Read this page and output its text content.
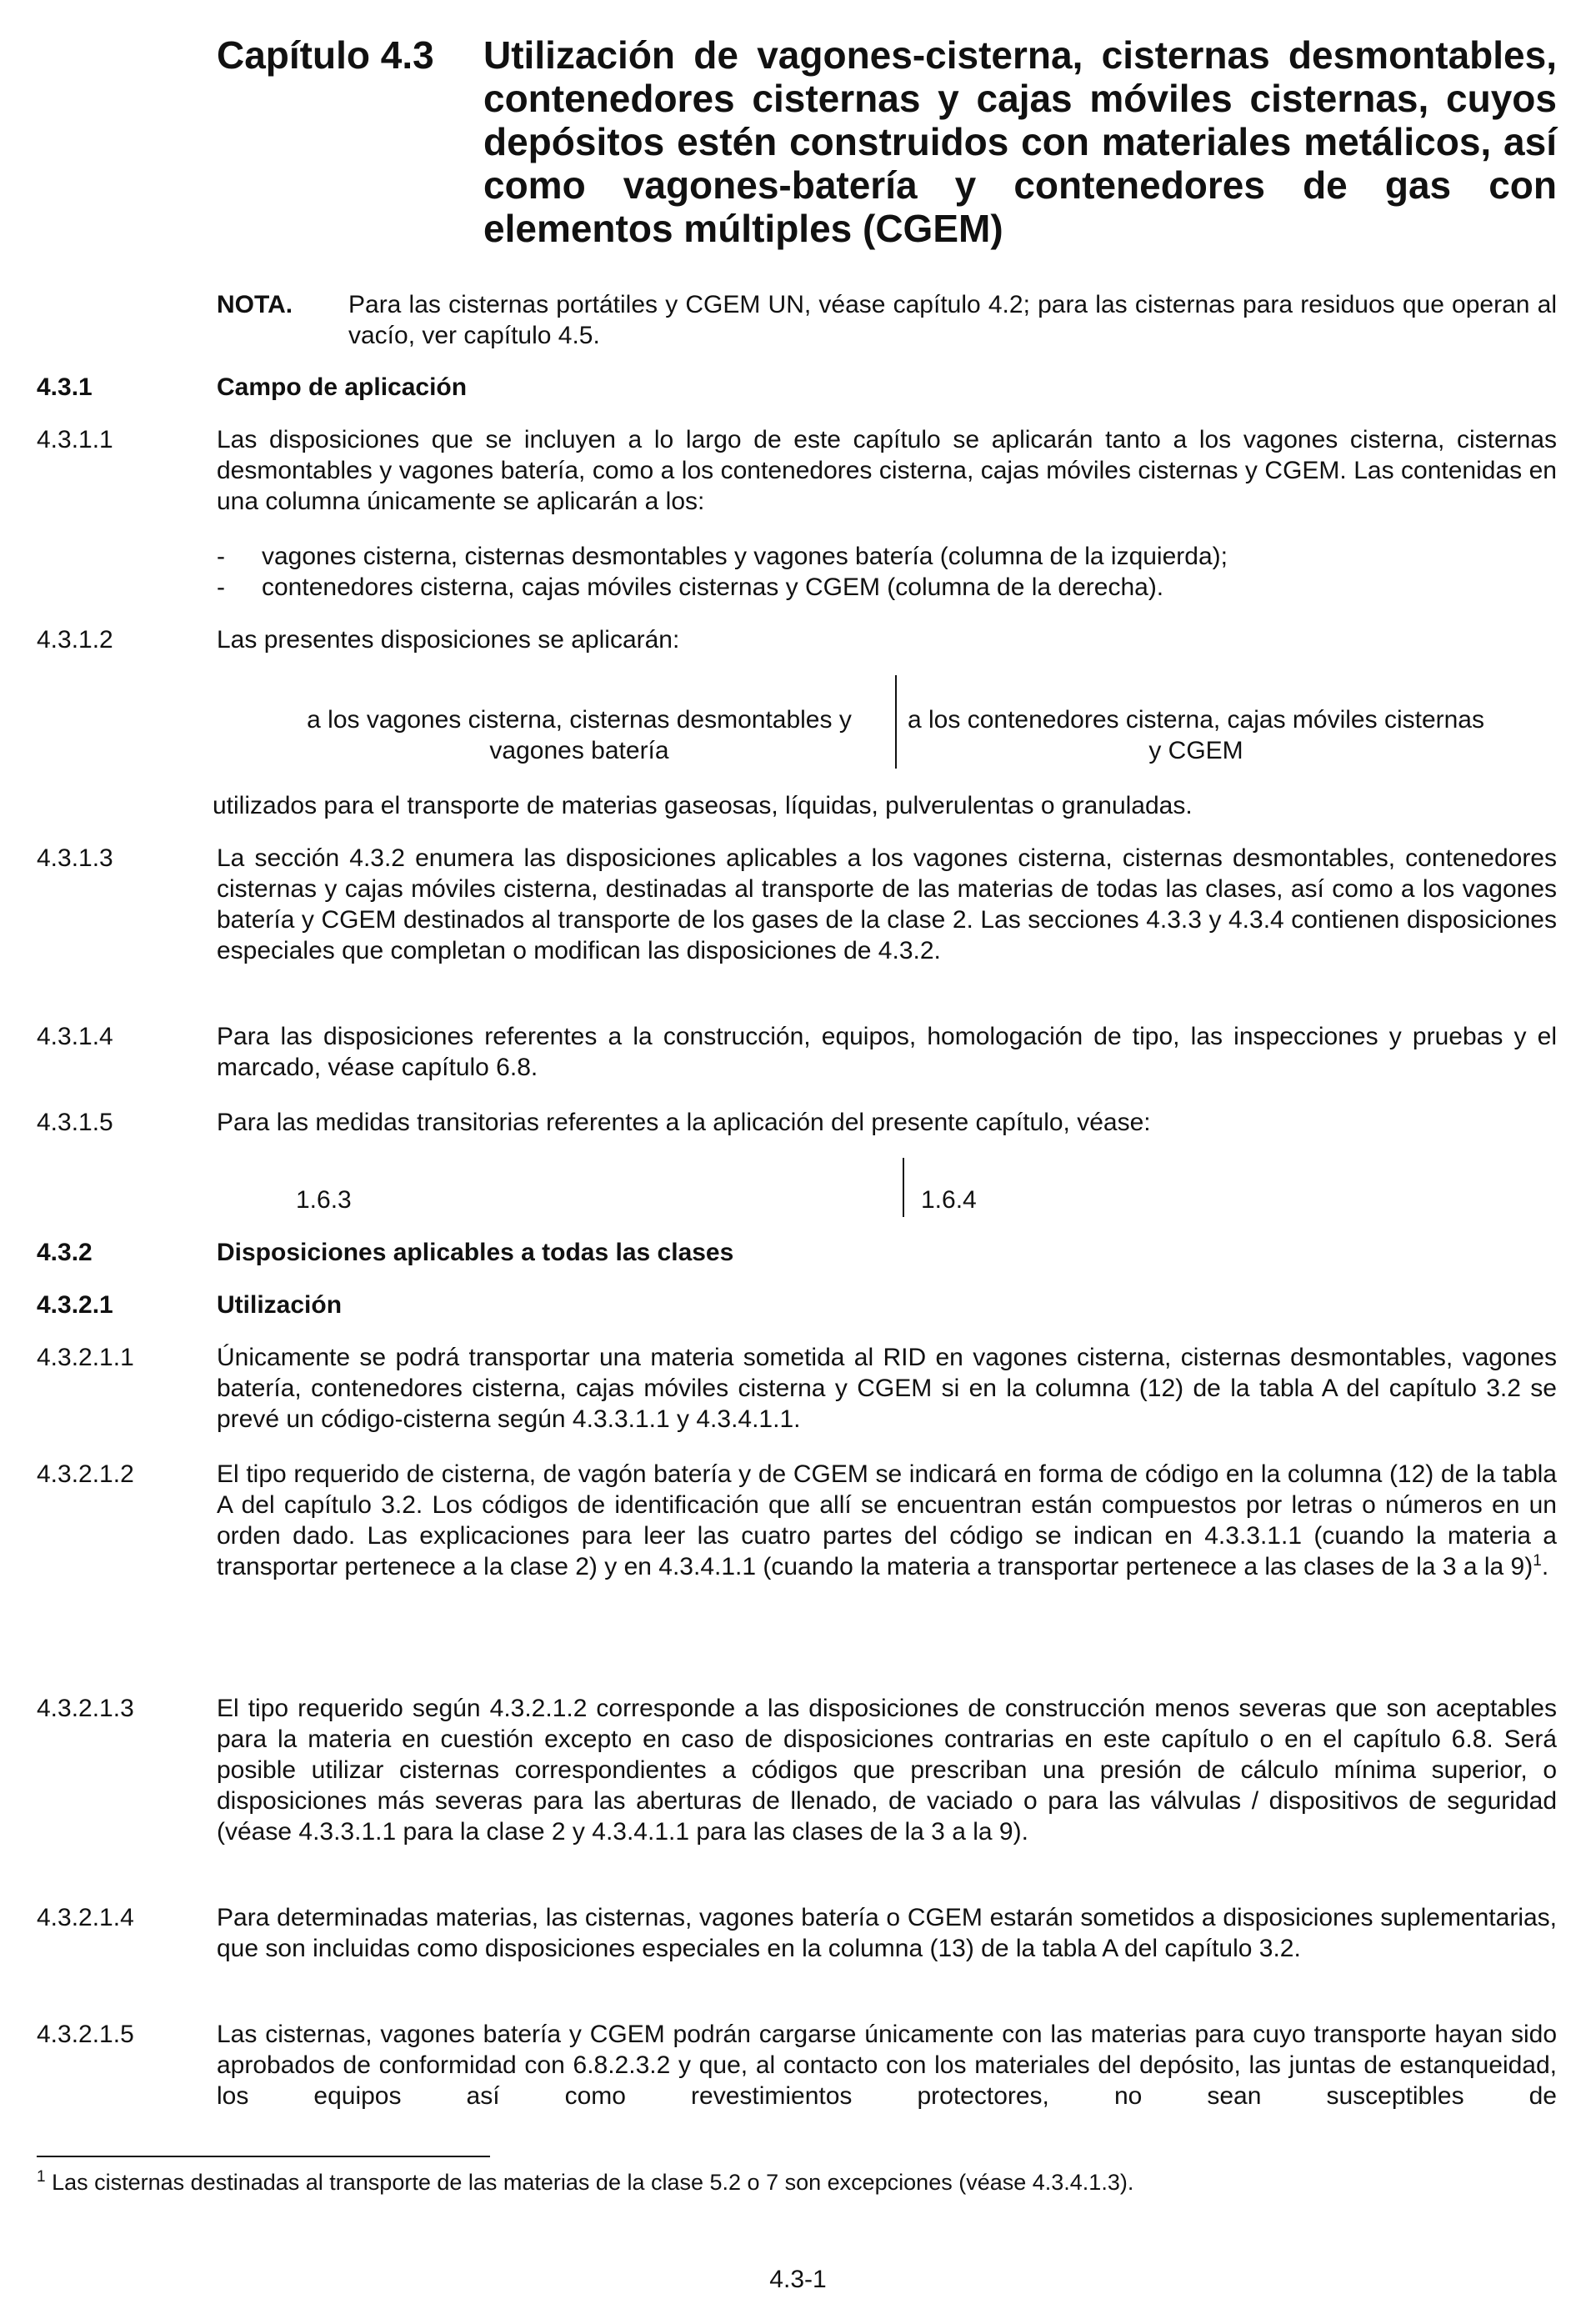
Capítulo 4.3 Utilización de vagones-cisterna, cisternas desmontables, contenedores cisternas y cajas móviles cisternas, cuyos depósitos estén construidos con materiales metálicos, así como vagones-batería y contenedores de gas con elementos múltiples (CGEM)
NOTA. Para las cisternas portátiles y CGEM UN, véase capítulo 4.2; para las cisternas para residuos que operan al vacío, ver capítulo 4.5.
4.3.1	Campo de aplicación
4.3.1.1	Las disposiciones que se incluyen a lo largo de este capítulo se aplicarán tanto a los vagones cisterna, cisternas desmontables y vagones batería, como a los contenedores cisterna, cajas móviles cisternas y CGEM. Las contenidas en una columna únicamente se aplicarán a los:
- vagones cisterna, cisternas desmontables y vagones batería (columna de la izquierda);
- contenedores cisterna, cajas móviles cisternas y CGEM (columna de la derecha).
4.3.1.2	Las presentes disposiciones se aplicarán:
a los vagones cisterna, cisternas desmontables y vagones batería
a los contenedores cisterna, cajas móviles cisternas y CGEM
utilizados para el transporte de materias gaseosas, líquidas, pulverulentas o granuladas.
4.3.1.3	La sección 4.3.2 enumera las disposiciones aplicables a los vagones cisterna, cisternas desmontables, contenedores cisternas y cajas móviles cisterna, destinadas al transporte de las materias de todas las clases, así como a los vagones batería y CGEM destinados al transporte de los gases de la clase 2. Las secciones 4.3.3 y 4.3.4 contienen disposiciones especiales que completan o modifican las disposiciones de 4.3.2.
4.3.1.4	Para las disposiciones referentes a la construcción, equipos, homologación de tipo, las inspecciones y pruebas y el marcado, véase capítulo 6.8.
4.3.1.5	Para las medidas transitorias referentes a la aplicación del presente capítulo, véase:
1.6.3	1.6.4
4.3.2	Disposiciones aplicables a todas las clases
4.3.2.1	Utilización
4.3.2.1.1	Únicamente se podrá transportar una materia sometida al RID en vagones cisterna, cisternas desmontables, vagones batería, contenedores cisterna, cajas móviles cisterna y CGEM si en la columna (12) de la tabla A del capítulo 3.2 se prevé un código-cisterna según 4.3.3.1.1 y 4.3.4.1.1.
4.3.2.1.2	El tipo requerido de cisterna, de vagón batería y de CGEM se indicará en forma de código en la columna (12) de la tabla A del capítulo 3.2. Los códigos de identificación que allí se encuentran están compuestos por letras o números en un orden dado. Las explicaciones para leer las cuatro partes del código se indican en 4.3.3.1.1 (cuando la materia a transportar pertenece a la clase 2) y en 4.3.4.1.1 (cuando la materia a transportar pertenece a las clases de la 3 a la 9)$^1$.
4.3.2.1.3	El tipo requerido según 4.3.2.1.2 corresponde a las disposiciones de construcción menos severas que son aceptables para la materia en cuestión excepto en caso de disposiciones contrarias en este capítulo o en el capítulo 6.8. Será posible utilizar cisternas correspondientes a códigos que prescriban una presión de cálculo mínima superior, o disposiciones más severas para las aberturas de llenado, de vaciado o para las válvulas / dispositivos de seguridad (véase 4.3.3.1.1 para la clase 2 y 4.3.4.1.1 para las clases de la 3 a la 9).
4.3.2.1.4	Para determinadas materias, las cisternas, vagones batería o CGEM estarán sometidos a disposiciones suplementarias, que son incluidas como disposiciones especiales en la columna (13) de la tabla A del capítulo 3.2.
4.3.2.1.5	Las cisternas, vagones batería y CGEM podrán cargarse únicamente con las materias para cuyo transporte hayan sido aprobados de conformidad con 6.8.2.3.2 y que, al contacto con los materiales del depósito, las juntas de estanqueidad, los equipos así como revestimientos protectores, no sean susceptibles de
$^1$ Las cisternas destinadas al transporte de las materias de la clase 5.2 o 7 son excepciones (véase 4.3.4.1.3).
4.3-1
